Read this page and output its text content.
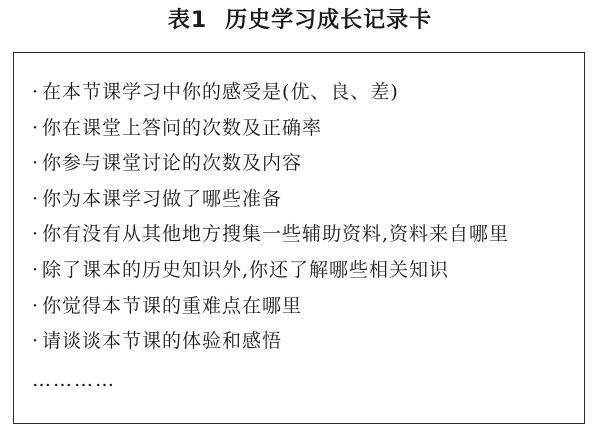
表1 历史学习成长记录卡
· 在本节课学习中你的感受是(优、良、差)
· 你在课堂上答问的次数及正确率
· 你参与课堂讨论的次数及内容
· 你为本课学习做了哪些准备
· 你有没有从其他地方搜集一些辅助资料,资料来自哪里
· 除了课本的历史知识外,你还了解哪些相关知识
· 你觉得本节课的重难点在哪里
· 请谈谈本节课的体验和感悟
…………
